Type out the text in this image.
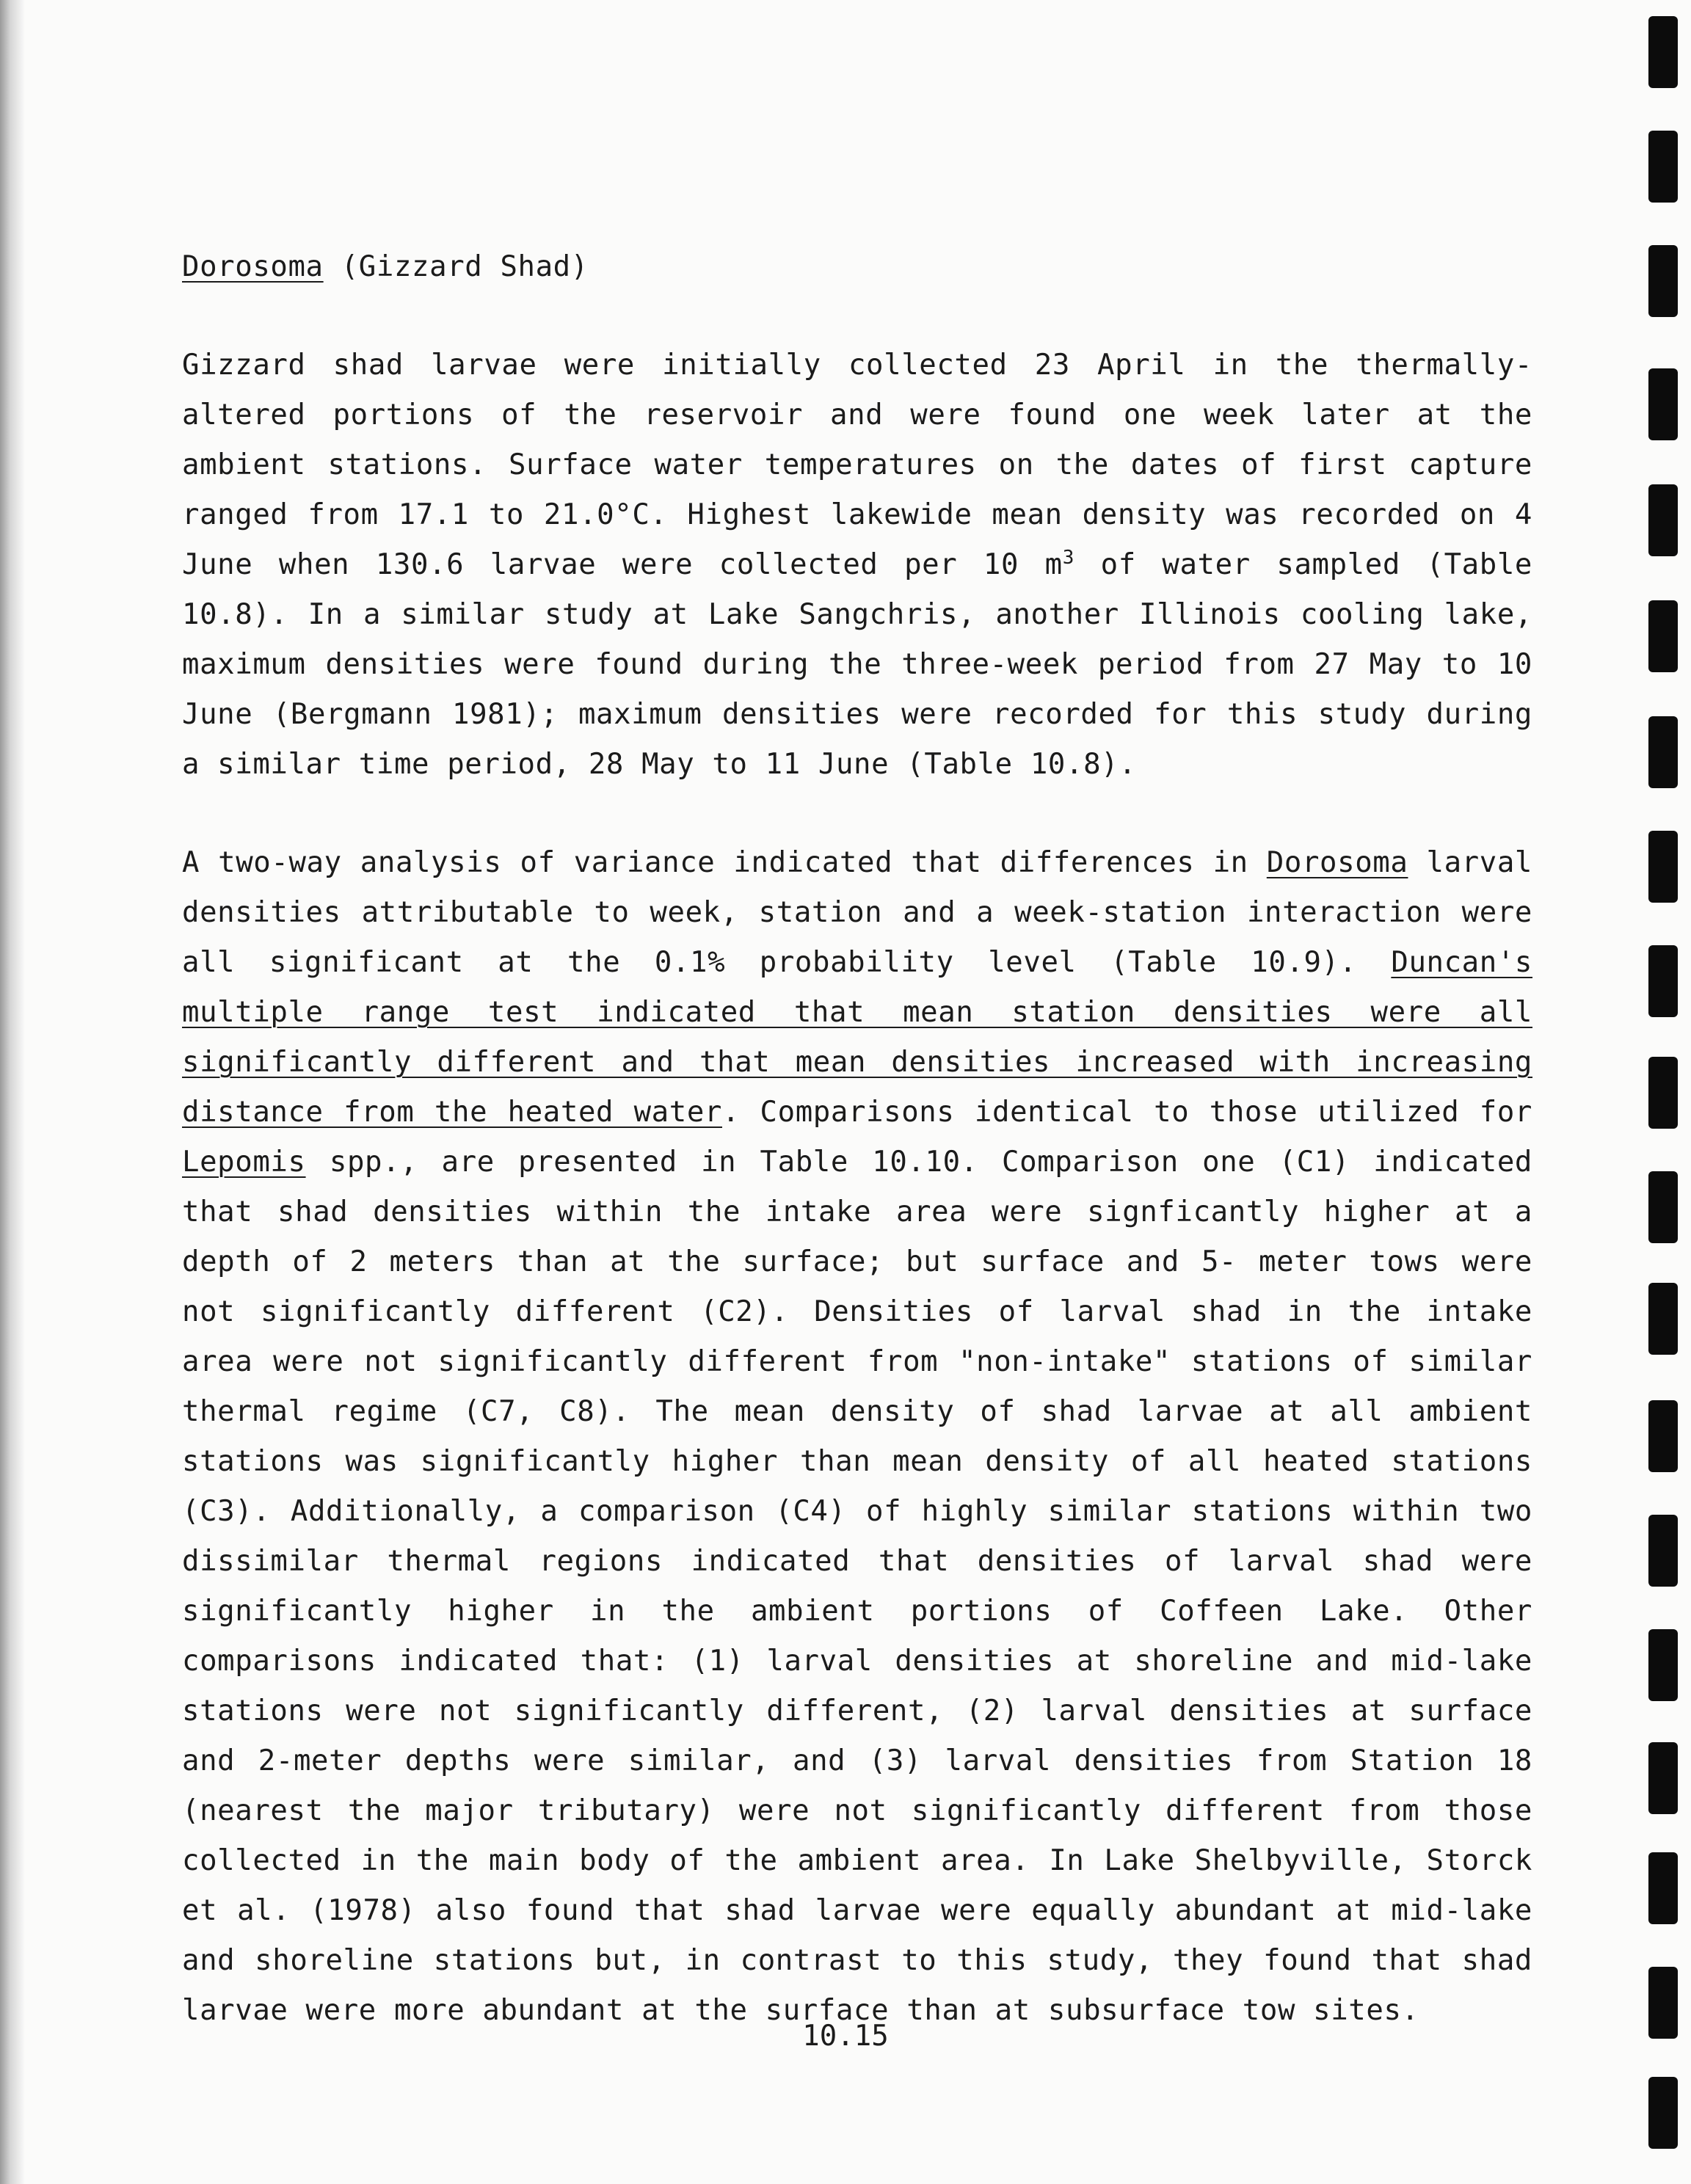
Dorosoma (Gizzard Shad)

Gizzard shad larvae were initially collected 23 April in the thermally-altered portions of the reservoir and were found one week later at the ambient stations. Surface water temperatures on the dates of first capture ranged from 17.1 to 21.0°C. Highest lakewide mean density was recorded on 4 June when 130.6 larvae were collected per 10 $m^3$ of water sampled (Table 10.8). In a similar study at Lake Sangchris, another Illinois cooling lake, maximum densities were found during the three-week period from 27 May to 10 June (Bergmann 1981); maximum densities were recorded for this study during a similar time period, 28 May to 11 June (Table 10.8).

A two-way analysis of variance indicated that differences in Dorosoma larval densities attributable to week, station and a week-station interaction were all significant at the 0.1% probability level (Table 10.9). Duncan's multiple range test indicated that mean station densities were all significantly different and that mean densities increased with increasing distance from the heated water. Comparisons identical to those utilized for Lepomis spp., are presented in Table 10.10. Comparison one (C1) indicated that shad densities within the intake area were signficantly higher at a depth of 2 meters than at the surface; but surface and 5- meter tows were not significantly different (C2). Densities of larval shad in the intake area were not significantly different from "non-intake" stations of similar thermal regime (C7, C8). The mean density of shad larvae at all ambient stations was significantly higher than mean density of all heated stations (C3). Additionally, a comparison (C4) of highly similar stations within two dissimilar thermal regions indicated that densities of larval shad were significantly higher in the ambient portions of Coffeen Lake. Other comparisons indicated that: (1) larval densities at shoreline and mid-lake stations were not significantly different, (2) larval densities at surface and 2-meter depths were similar, and (3) larval densities from Station 18 (nearest the major tributary) were not significantly different from those collected in the main body of the ambient area. In Lake Shelbyville, Storck et al. (1978) also found that shad larvae were equally abundant at mid-lake and shoreline stations but, in contrast to this study, they found that shad larvae were more abundant at the surface than at subsurface tow sites.

10.15
